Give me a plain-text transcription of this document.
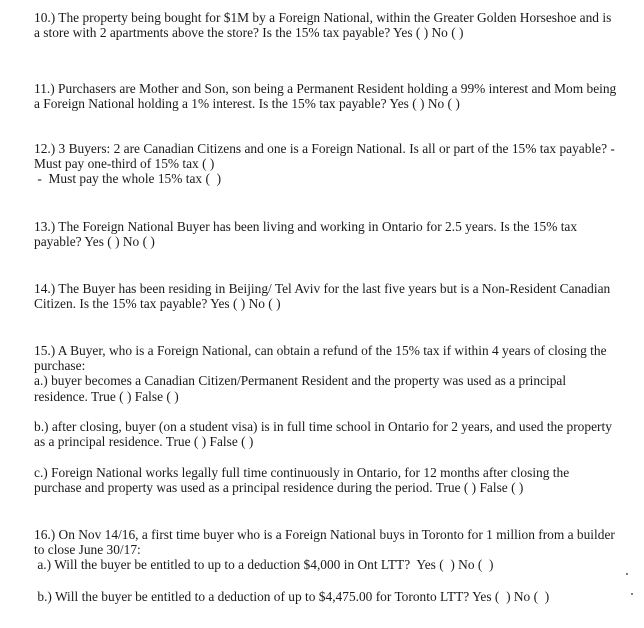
10.) The property being bought for $1M by a Foreign National, within the Greater Golden Horseshoe and is
a store with 2 apartments above the store? Is the 15% tax payable? Yes ( ) No ( )
11.) Purchasers are Mother and Son, son being a Permanent Resident holding a 99% interest and Mom being
a Foreign National holding a 1% interest. Is the 15% tax payable? Yes ( ) No ( )
12.) 3 Buyers: 2 are Canadian Citizens and one is a Foreign National. Is all or part of the 15% tax payable? -
Must pay one-third of 15% tax ( )
-  Must pay the whole 15% tax (  )
13.) The Foreign National Buyer has been living and working in Ontario for 2.5 years. Is the 15% tax
payable? Yes ( ) No ( )
14.) The Buyer has been residing in Beijing/ Tel Aviv for the last five years but is a Non-Resident Canadian
Citizen. Is the 15% tax payable? Yes ( ) No ( )
15.) A Buyer, who is a Foreign National, can obtain a refund of the 15% tax if within 4 years of closing the
purchase:
a.) buyer becomes a Canadian Citizen/Permanent Resident and the property was used as a principal
residence. True ( ) False ( )
b.) after closing, buyer (on a student visa) is in full time school in Ontario for 2 years, and used the property
as a principal residence. True ( ) False ( )
c.) Foreign National works legally full time continuously in Ontario, for 12 months after closing the
purchase and property was used as a principal residence during the period. True ( ) False ( )
16.) On Nov 14/16, a first time buyer who is a Foreign National buys in Toronto for 1 million from a builder
to close June 30/17:
a.) Will the buyer be entitled to up to a deduction $4,000 in Ont LTT?  Yes (  ) No (  )
b.) Will the buyer be entitled to a deduction of up to $4,475.00 for Toronto LTT? Yes (  ) No (  )
